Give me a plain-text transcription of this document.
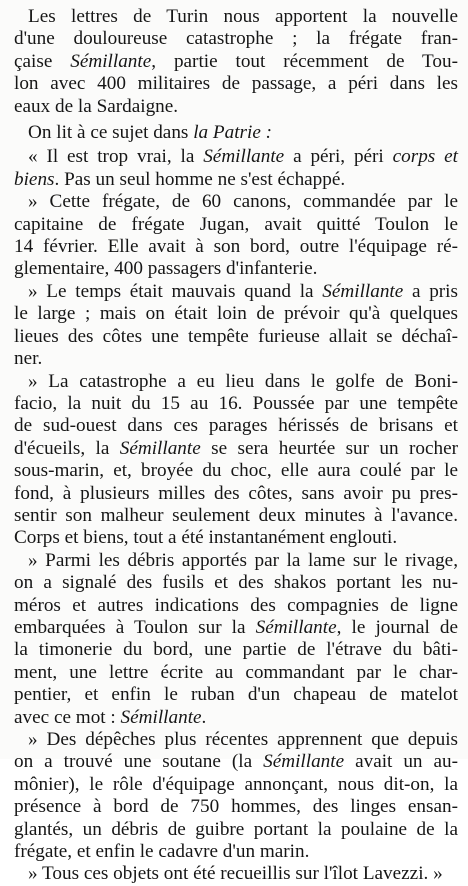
Les lettres de Turin nous apportent la nouvelle
d'une douloureuse catastrophe ; la frégate fran-
çaise Sémillante, partie tout récemment de Tou-
lon avec 400 militaires de passage, a péri dans les
eaux de la Sardaigne.

On lit à ce sujet dans la Patrie :

« Il est trop vrai, la Sémillante a péri, péri corps et
biens. Pas un seul homme ne s'est échappé.

» Cette frégate, de 60 canons, commandée par le
capitaine de frégate Jugan, avait quitté Toulon le
14 février. Elle avait à son bord, outre l'équipage ré-
glementaire, 400 passagers d'infanterie.

» Le temps était mauvais quand la Sémillante a pris
le large ; mais on était loin de prévoir qu'à quelques
lieues des côtes une tempête furieuse allait se déchaî-
ner.

» La catastrophe a eu lieu dans le golfe de Boni-
facio, la nuit du 15 au 16. Poussée par une tempête
de sud-ouest dans ces parages hérissés de brisans et
d'écueils, la Sémillante se sera heurtée sur un rocher
sous-marin, et, broyée du choc, elle aura coulé par le
fond, à plusieurs milles des côtes, sans avoir pu pres-
sentir son malheur seulement deux minutes à l'avance.
Corps et biens, tout a été instantanément englouti.

» Parmi les débris apportés par la lame sur le rivage,
on a signalé des fusils et des shakos portant les nu-
méros et autres indications des compagnies de ligne
embarquées à Toulon sur la Sémillante, le journal de
la timonerie du bord, une partie de l'étrave du bâti-
ment, une lettre écrite au commandant par le char-
pentier, et enfin le ruban d'un chapeau de matelot
avec ce mot : Sémillante.

» Des dépêches plus récentes apprennent que depuis
on a trouvé une soutane (la Sémillante avait un au-
mônier), le rôle d'équipage annonçant, nous dit-on, la
présence à bord de 750 hommes, des linges ensan-
glantés, un débris de guibre portant la poulaine de la
frégate, et enfin le cadavre d'un marin.

» Tous ces objets ont été recueillis sur l'îlot Lavezzi. »
